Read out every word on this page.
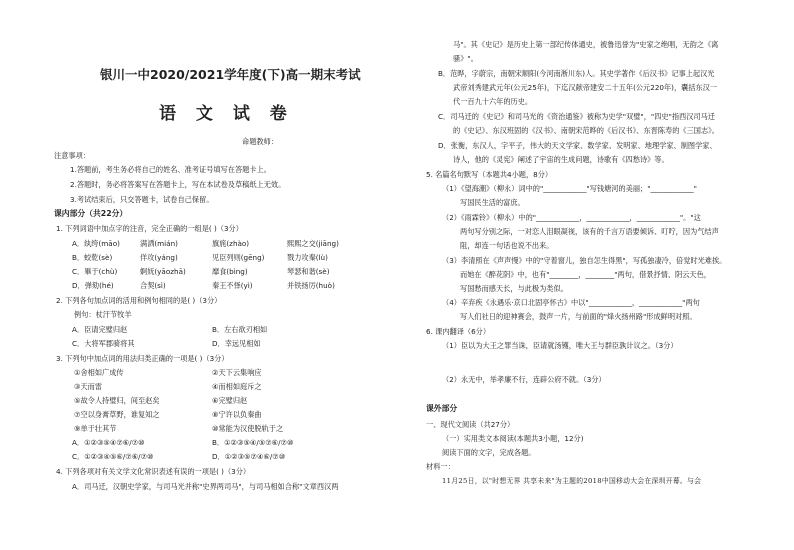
银川一中2020/2021学年度(下)高一期末考试
语 文 试 卷
命题教师：
注意事项：
1.答题前，考生务必将自己的姓名、准考证号填写在答题卡上。
2.答题时，务必将答案写在答题卡上，写在本试卷及草稿纸上无效。
3.考试结束后，只交答题卡，试卷自己保留。
课内部分（共22分）
1. 下列词语中加点字的注音，完全正确的一组是( )（3分）
A．纨绔(māo)	满洒(mián)	旗旄(zhào)	熙熙之交(jiāng)
B．蛟乾(sè)	佯攻(yáng)	见臣列则(gēng)	戮力攻秦(lù)
C．畢于(chù)	婀妩(yāozhā)	靡食(bìng)	琴瑟和谐(sè)
D．弹劾(hé)	合契(sì)	秦王不怿(yì)	并铁扬厉(huò)
2. 下列各句加点词的活用和例句相同的是( )（3分）
例句：杖汗节牧羊
A．臣请完璧归赵	B．左右欲刃相如
C．大将军郡骑将其	D．幸远见相如
3. 下列句中加点词的用法归类正确的一项是( )（3分）
①舍相如广成传	②天下云集响应
③天而雷	④而相如庭斥之
⑤故令人持璧归，间至赵矣	⑥完璧归赵
⑦空以身膏草野，谁复知之	⑧宁许以负秦曲
⑨单于壮其节	⑩常能为汉使脱轨于之
A．①②③⑤④⑦⑥/⑦⑩	B．①②③⑤④/⑤⑦⑥/⑦⑩
C．①②③④⑤⑥/⑦⑥/⑦⑩	D．①②③⑤⑦④⑥/⑦⑩
4. 下列各项对有关文学文化常识表述有误的一项是( )（3分）
A．司马迁，汉朝史学家，与司马光并称"史界两司马"，与司马相如合称"文章西汉两
马"。其《史记》是历史上第一部纪传体通史，被鲁迅誉为"史家之绝唱，无韵之《离
骚》"。
B．范晔，字蔚宗，南朝宋顺阳(今河南淅川东)人。其史学著作《后汉书》记事上起汉光
武帝刘秀建武元年(公元25年)，下迄汉献帝建安二十五年(公元220年)，囊括东汉一
代一百九十六年的历史。
C．司马迁的《史记》和司马光的《资治通鉴》被称为史学"双璧"，"四史"指西汉司马迁
的《史记》、东汉班固的《汉书》、南朝宋范晔的《后汉书》、东晋陈寿的《三国志》。
D．张衡，东汉人，字平子，伟大的天文学家、数学家、发明家、地理学家、制图学家、
诗人，他的《灵宪》阐述了宇宙的生成问题，诗歌有《四愁诗》等。
5. 名篇名句默写（本题共4小题，8分）
（1）《望海潮》（柳永）词中的"____________"写钱塘河的美丽；"____________"
写国民生活的富庶。
（2）《雨霖铃》（柳永）中的"____________，____________，____________"。"这
两句写分别之际，一对恋人泪眼凝视，该有的千言万语要倾诉、叮咛，因为气结声
阻，却连一句话也说不出来。
（3）李清照在《声声慢》中的"守着窗儿，独自怎生得黑"，写孤独凄冷，倍觉时光难挨。
而她在《醉花阴》中，也有"________，________"两句，借景抒情、阴云天色，
写国愁而感天长，与此极为类似。
（4）辛弃疾《永遇乐·京口北固亭怀古》中以"____________，____________"两句
写人们社日的迎神赛会，鼓声一片，与前面的"烽火扬州路"形成鲜明对照。
6. 课内翻译（6分）
（1）臣以为大王之罪当诛，臣请就汤镬，唯大王与群臣孰计议之。（3分）
（2）永无中，举孝廉不行，连辟公府不就。（3分）
课外部分
一、现代文阅读（共27分）
（一）实用类文本阅读(本题共3小题，12分)
阅读下面的文字，完成各题。
材料一：
11月25日，以"时想无界 共享未来"为主题的2018中国移动大会在深圳开幕。与会
